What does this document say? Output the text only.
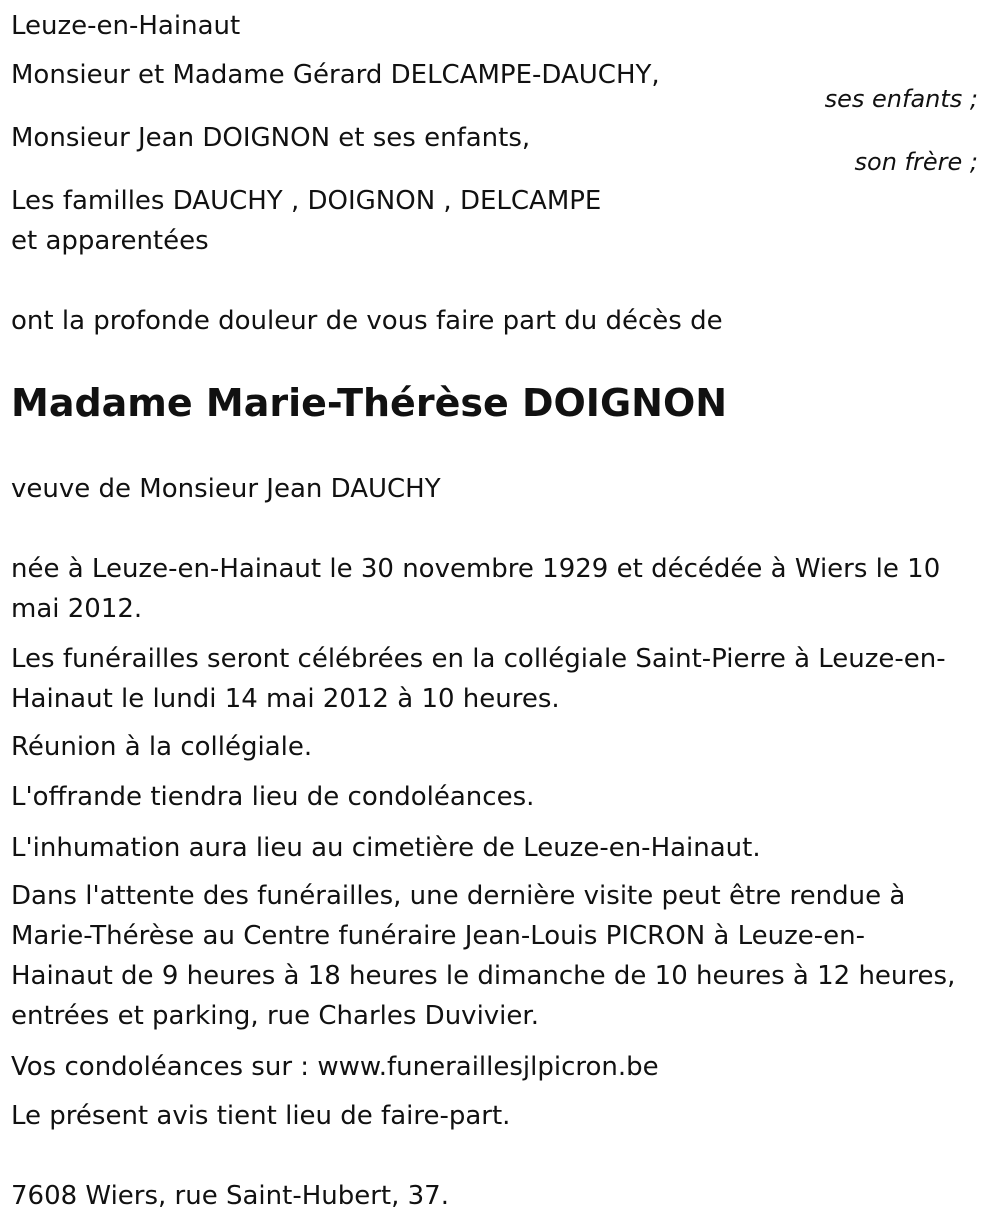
Leuze-en-Hainaut
Monsieur et Madame Gérard DELCAMPE-DAUCHY,
ses enfants ;
Monsieur Jean DOIGNON et ses enfants,
son frère ;
Les familles DAUCHY , DOIGNON , DELCAMPE
et apparentées
ont la profonde douleur de vous faire part du décès de
Madame Marie-Thérèse DOIGNON
veuve de Monsieur Jean DAUCHY
née à Leuze-en-Hainaut le 30 novembre 1929 et décédée à Wiers le 10 mai 2012.
Les funérailles seront célébrées en la collégiale Saint-Pierre à Leuze-en-Hainaut le lundi 14 mai 2012 à 10 heures.
Réunion à la collégiale.
L'offrande tiendra lieu de condoléances.
L'inhumation aura lieu au cimetière de Leuze-en-Hainaut.
Dans l'attente des funérailles, une dernière visite peut être rendue à Marie-Thérèse au Centre funéraire Jean-Louis PICRON à Leuze-en-Hainaut de 9 heures à 18 heures le dimanche de 10 heures à 12 heures, entrées et parking, rue Charles Duvivier.
Vos condoléances sur : www.funeraillesjlpicron.be
Le présent avis tient lieu de faire-part.
7608 Wiers, rue Saint-Hubert, 37.
